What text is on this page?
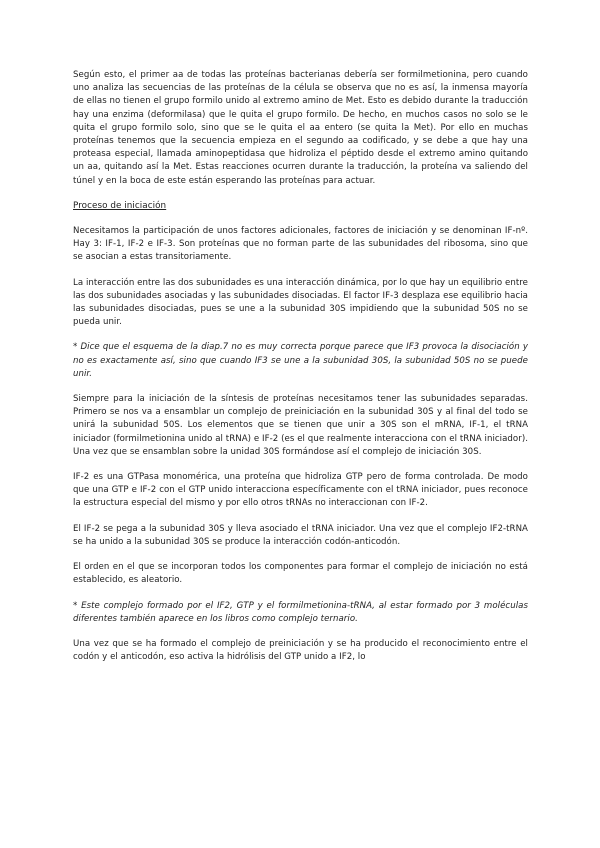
Según esto, el primer aa de todas las proteínas bacterianas debería ser formilmetionina, pero cuando uno analiza las secuencias de las proteínas de la célula se observa que no es así, la inmensa mayoría de ellas no tienen el grupo formilo unido al extremo amino de Met. Esto es debido durante la traducción hay una enzima (deformilasa) que le quita el grupo formilo. De hecho, en muchos casos no solo se le quita el grupo formilo solo, sino que se le quita el aa entero (se quita la Met). Por ello en muchas proteínas tenemos que la secuencia empieza en el segundo aa codificado, y se debe a que hay una proteasa especial, llamada aminopeptidasa que hidroliza el péptido desde el extremo amino quitando un aa, quitando así la Met. Estas reacciones ocurren durante la traducción, la proteína va saliendo del túnel y en la boca de este están esperando las proteínas para actuar.

Proceso de iniciación

Necesitamos la participación de unos factores adicionales, factores de iniciación y se denominan IF-nº. Hay 3: IF-1, IF-2 e IF-3. Son proteínas que no forman parte de las subunidades del ribosoma, sino que se asocian a estas transitoriamente.

La interacción entre las dos subunidades es una interacción dinámica, por lo que hay un equilibrio entre las dos subunidades asociadas y las subunidades disociadas. El factor IF-3 desplaza ese equilibrio hacia las subunidades disociadas, pues se une a la subunidad 30S impidiendo que la subunidad 50S no se pueda unir.

* Dice que el esquema de la diap.7 no es muy correcta porque parece que IF3 provoca la disociación y no es exactamente así, sino que cuando IF3 se une a la subunidad 30S, la subunidad 50S no se puede unir.

Siempre para la iniciación de la síntesis de proteínas necesitamos tener las subunidades separadas. Primero se nos va a ensamblar un complejo de preiniciación en la subunidad 30S y al final del todo se unirá la subunidad 50S. Los elementos que se tienen que unir a 30S son el mRNA, IF-1, el tRNA iniciador (formilmetionina unido al tRNA) e IF-2 (es el que realmente interacciona con el tRNA iniciador). Una vez que se ensamblan sobre la unidad 30S formándose así el complejo de iniciación 30S.

IF-2 es una GTPasa monomérica, una proteína que hidroliza GTP pero de forma controlada. De modo que una GTP e IF-2 con el GTP unido interacciona específicamente con el tRNA iniciador, pues reconoce la estructura especial del mismo y por ello otros tRNAs no interaccionan con IF-2.

El IF-2 se pega a la subunidad 30S y lleva asociado el tRNA iniciador. Una vez que el complejo IF2-tRNA se ha unido a la subunidad 30S se produce la interacción codón-anticodón.

El orden en el que se incorporan todos los componentes para formar el complejo de iniciación no está establecido, es aleatorio.

* Este complejo formado por el IF2, GTP y el formilmetionina-tRNA, al estar formado por 3 moléculas diferentes también aparece en los libros como complejo ternario.

Una vez que se ha formado el complejo de preiniciación y se ha producido el reconocimiento entre el codón y el anticodón, eso activa la hidrólisis del GTP unido a IF2, lo
